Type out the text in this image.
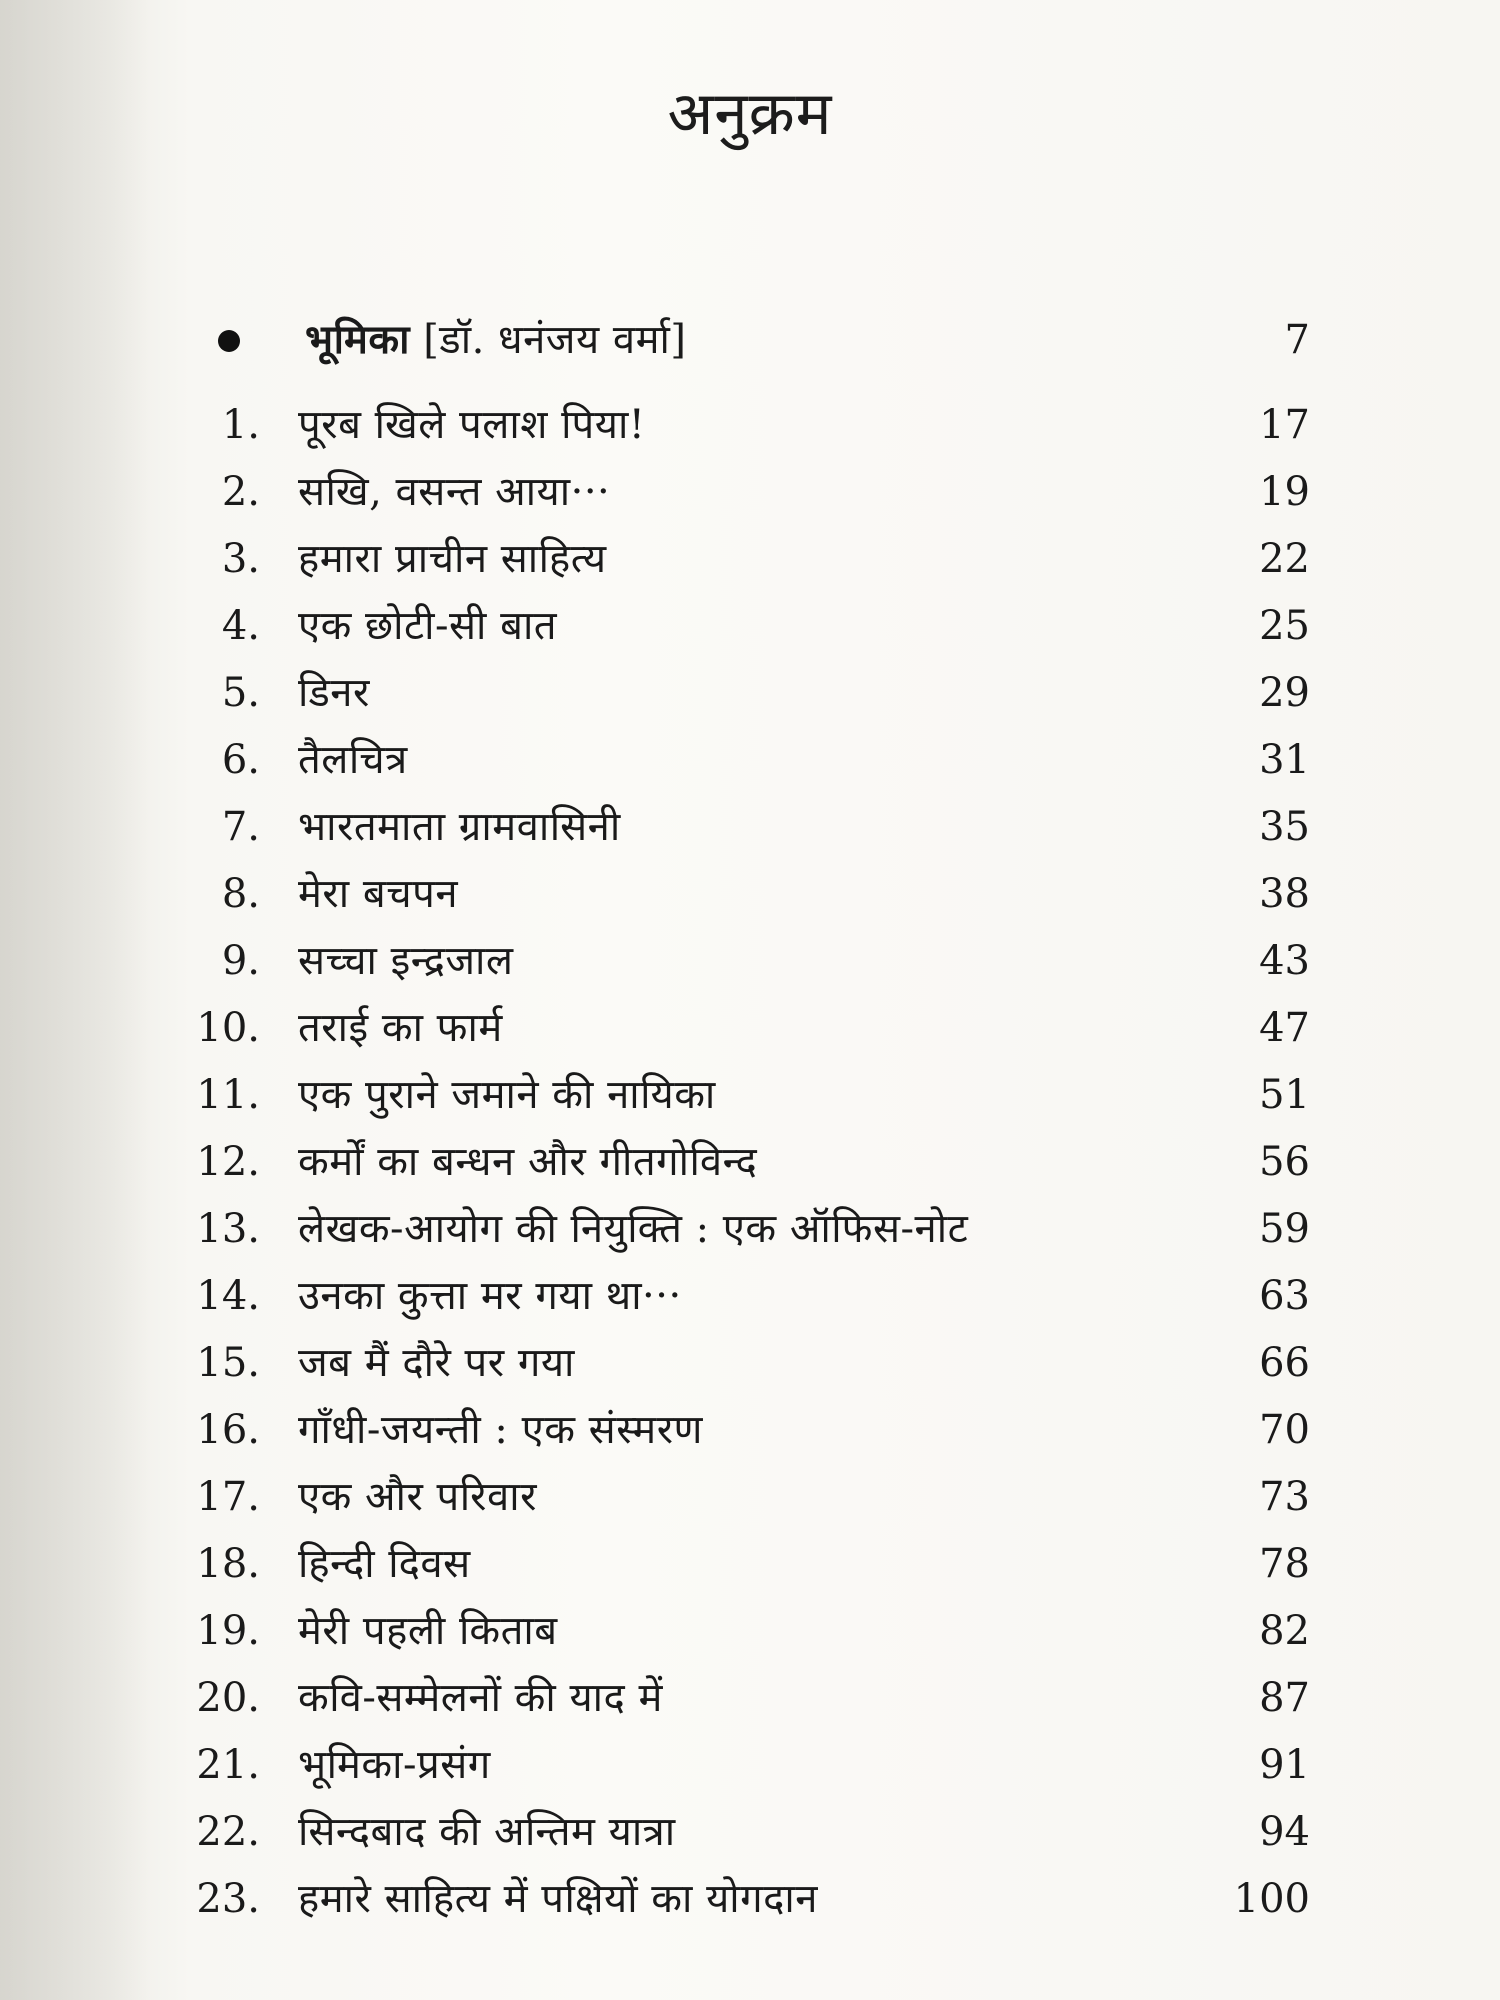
अनुक्रम
भूमिका [डॉ. धनंजय वर्मा]	7
1. पूरब खिले पलाश पिया!	17
2. सखि, वसन्त आया···	19
3. हमारा प्राचीन साहित्य	22
4. एक छोटी-सी बात	25
5. डिनर	29
6. तैलचित्र	31
7. भारतमाता ग्रामवासिनी	35
8. मेरा बचपन	38
9. सच्चा इन्द्रजाल	43
10. तराई का फार्म	47
11. एक पुराने जमाने की नायिका	51
12. कर्मों का बन्धन और गीतगोविन्द	56
13. लेखक-आयोग की नियुक्ति : एक ऑफिस-नोट	59
14. उनका कुत्ता मर गया था···	63
15. जब मैं दौरे पर गया	66
16. गाँधी-जयन्ती : एक संस्मरण	70
17. एक और परिवार	73
18. हिन्दी दिवस	78
19. मेरी पहली किताब	82
20. कवि-सम्मेलनों की याद में	87
21. भूमिका-प्रसंग	91
22. सिन्दबाद की अन्तिम यात्रा	94
23. हमारे साहित्य में पक्षियों का योगदान	100
